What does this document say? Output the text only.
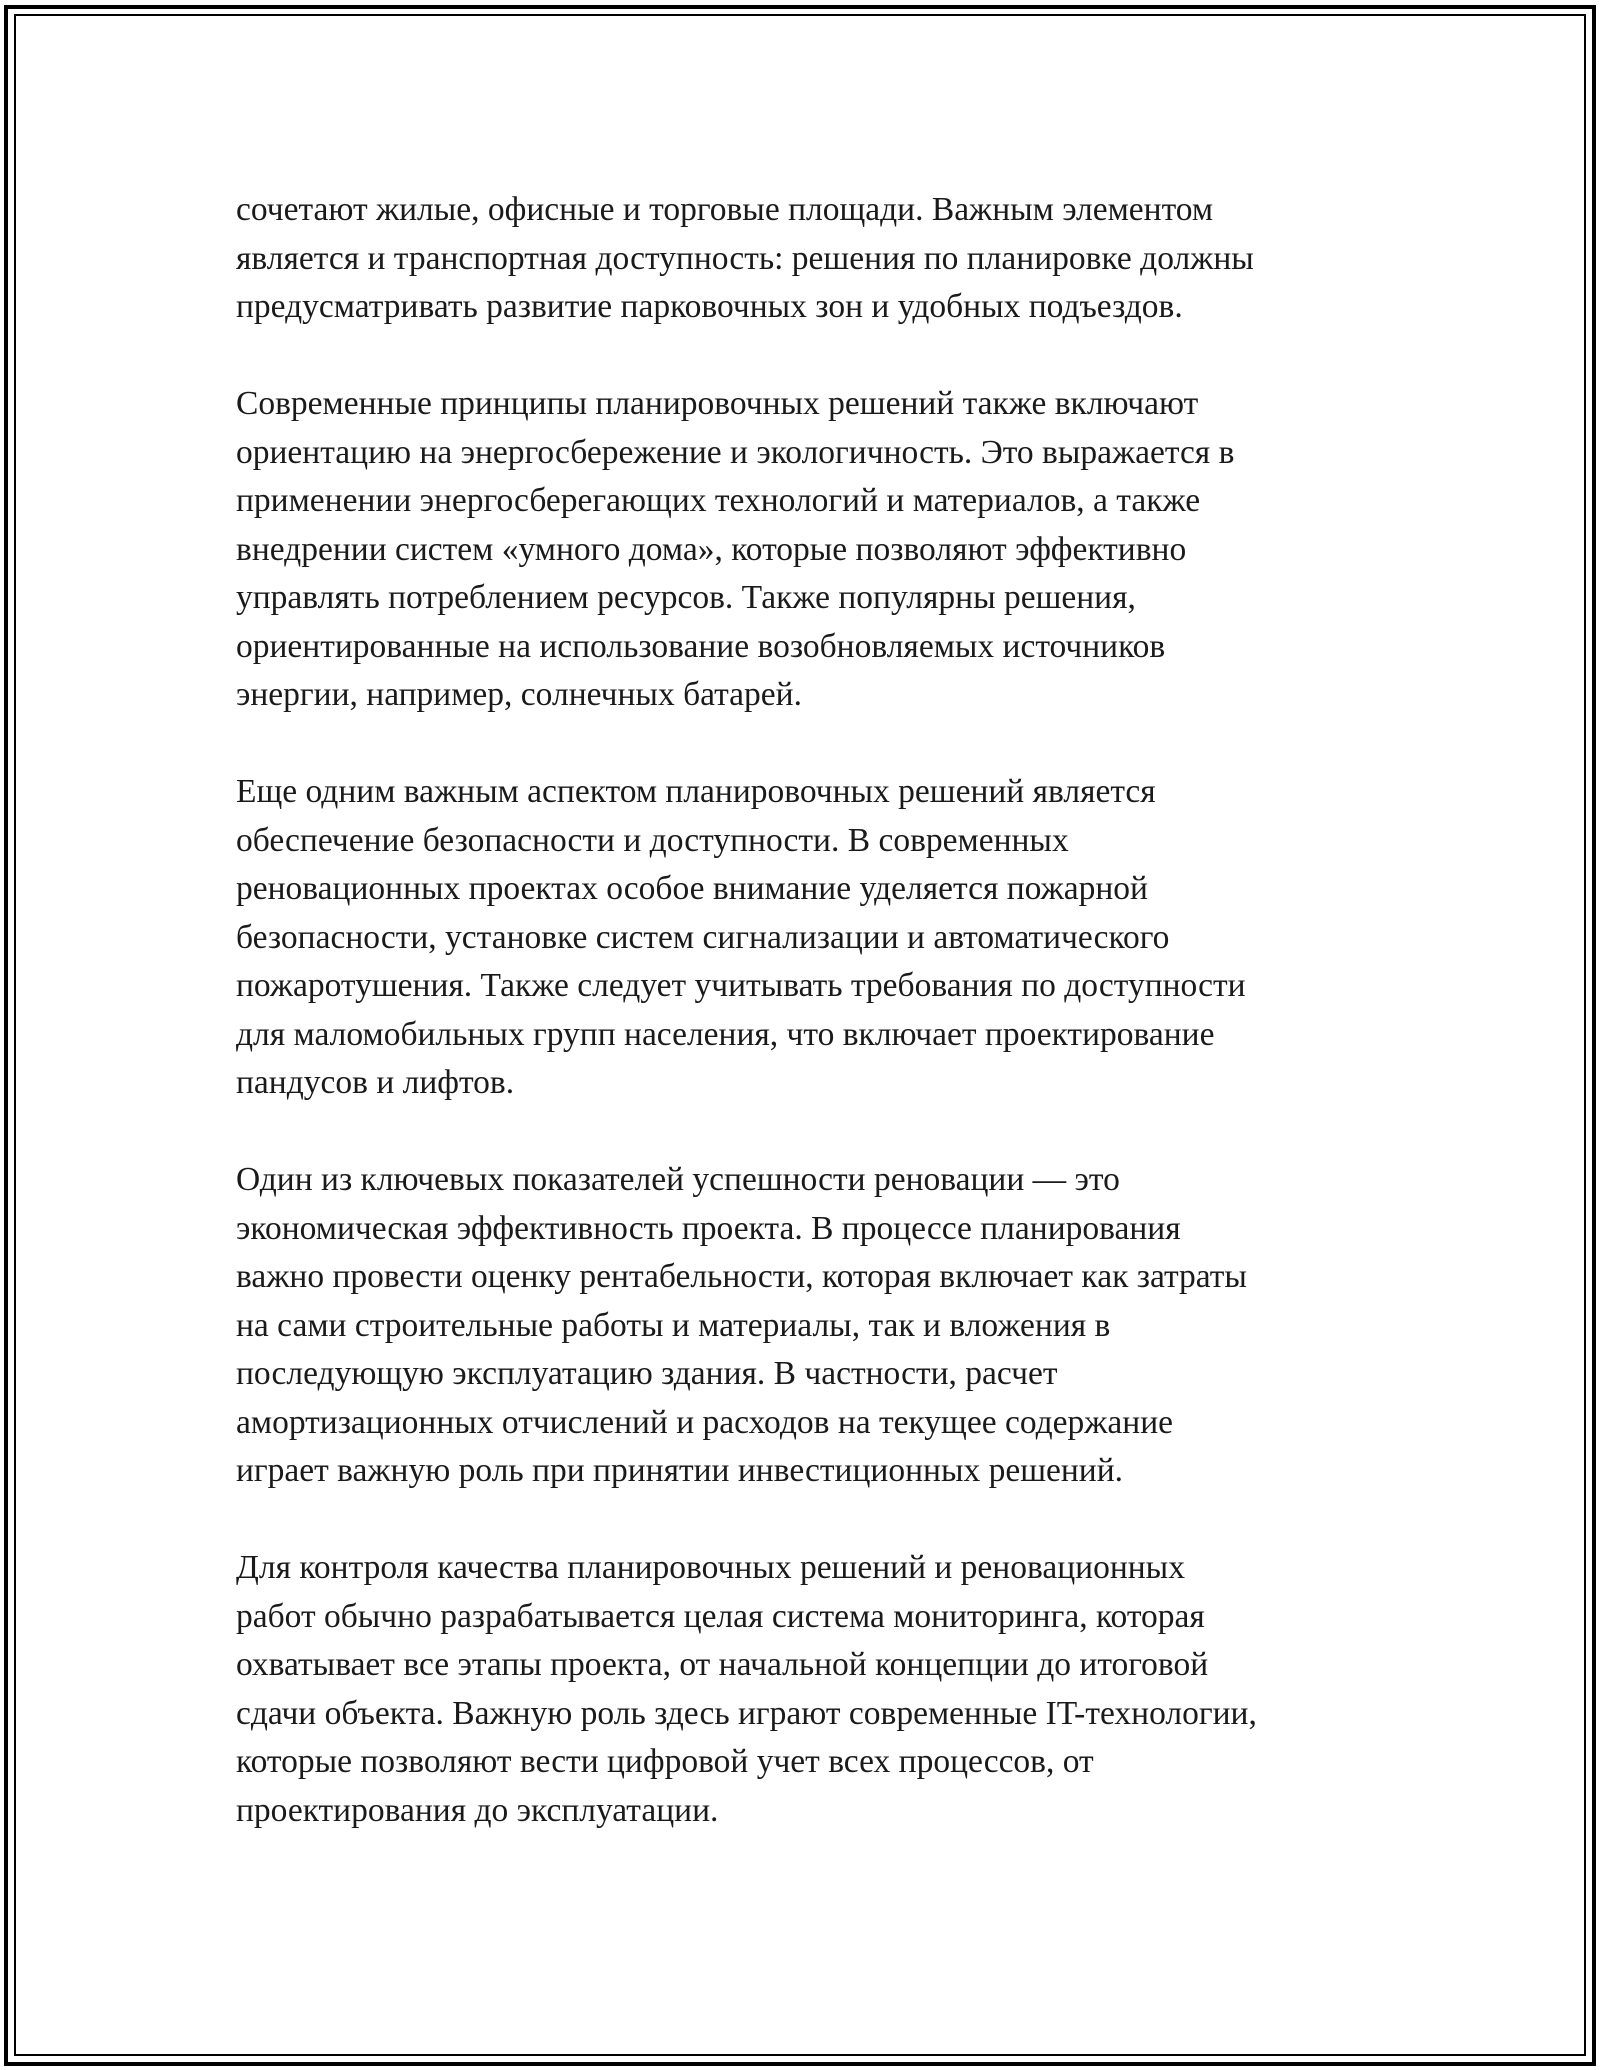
сочетают жилые, офисные и торговые площади. Важным элементом
является и транспортная доступность: решения по планировке должны
предусматривать развитие парковочных зон и удобных подъездов.

Современные принципы планировочных решений также включают
ориентацию на энергосбережение и экологичность. Это выражается в
применении энергосберегающих технологий и материалов, а также
внедрении систем «умного дома», которые позволяют эффективно
управлять потреблением ресурсов. Также популярны решения,
ориентированные на использование возобновляемых источников
энергии, например, солнечных батарей.

Еще одним важным аспектом планировочных решений является
обеспечение безопасности и доступности. В современных
реновационных проектах особое внимание уделяется пожарной
безопасности, установке систем сигнализации и автоматического
пожаротушения. Также следует учитывать требования по доступности
для маломобильных групп населения, что включает проектирование
пандусов и лифтов.

Один из ключевых показателей успешности реновации — это
экономическая эффективность проекта. В процессе планирования
важно провести оценку рентабельности, которая включает как затраты
на сами строительные работы и материалы, так и вложения в
последующую эксплуатацию здания. В частности, расчет
амортизационных отчислений и расходов на текущее содержание
играет важную роль при принятии инвестиционных решений.

Для контроля качества планировочных решений и реновационных
работ обычно разрабатывается целая система мониторинга, которая
охватывает все этапы проекта, от начальной концепции до итоговой
сдачи объекта. Важную роль здесь играют современные IT-технологии,
которые позволяют вести цифровой учет всех процессов, от
проектирования до эксплуатации.
